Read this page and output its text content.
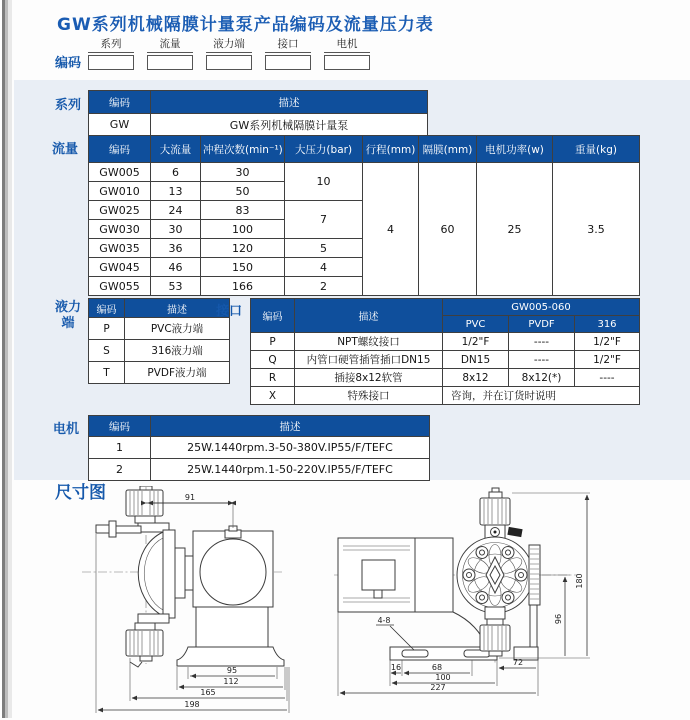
GW系列机械隔膜计量泵产品编码及流量压力表
编码
系列	流量	液力端	接口	电机
系列	编码	描述
GW	GW系列机械隔膜计量泵
流量	编码	大流量	冲程次数(min⁻¹)	大压力(bar)	行程(mm)	隔膜(mm)	电机功率(w)	重量(kg)
GW005	6	30	10	4	60	25	3.5
GW010	13	50					
GW025	24	83	7				
GW030	30	100					
GW035	36	120	5				
GW045	46	150	4				
GW055	53	166	2				
液力端
编码	描述
P	PVC液力端
S	316液力端
T	PVDF液力端
接口 编码	描述	GW005-060		
		PVC	PVDF	316
P	NPT螺纹接口	1/2"F	----	1/2"F
Q	内管口硬管插管插口DN15	DN15	----	1/2"F
R	插接8x12软管	8x12	8x12(*)	----
X	特殊接口	咨询，并在订货时说明		
电机	编码	描述
1	25W.1440rpm.3-50-380V.IP55/F/TEFC
2	25W.1440rpm.1-50-220V.IP55/F/TEFC
尺寸图	91
95
112
165
198
180
96
4-8
16	68
72
100
227
